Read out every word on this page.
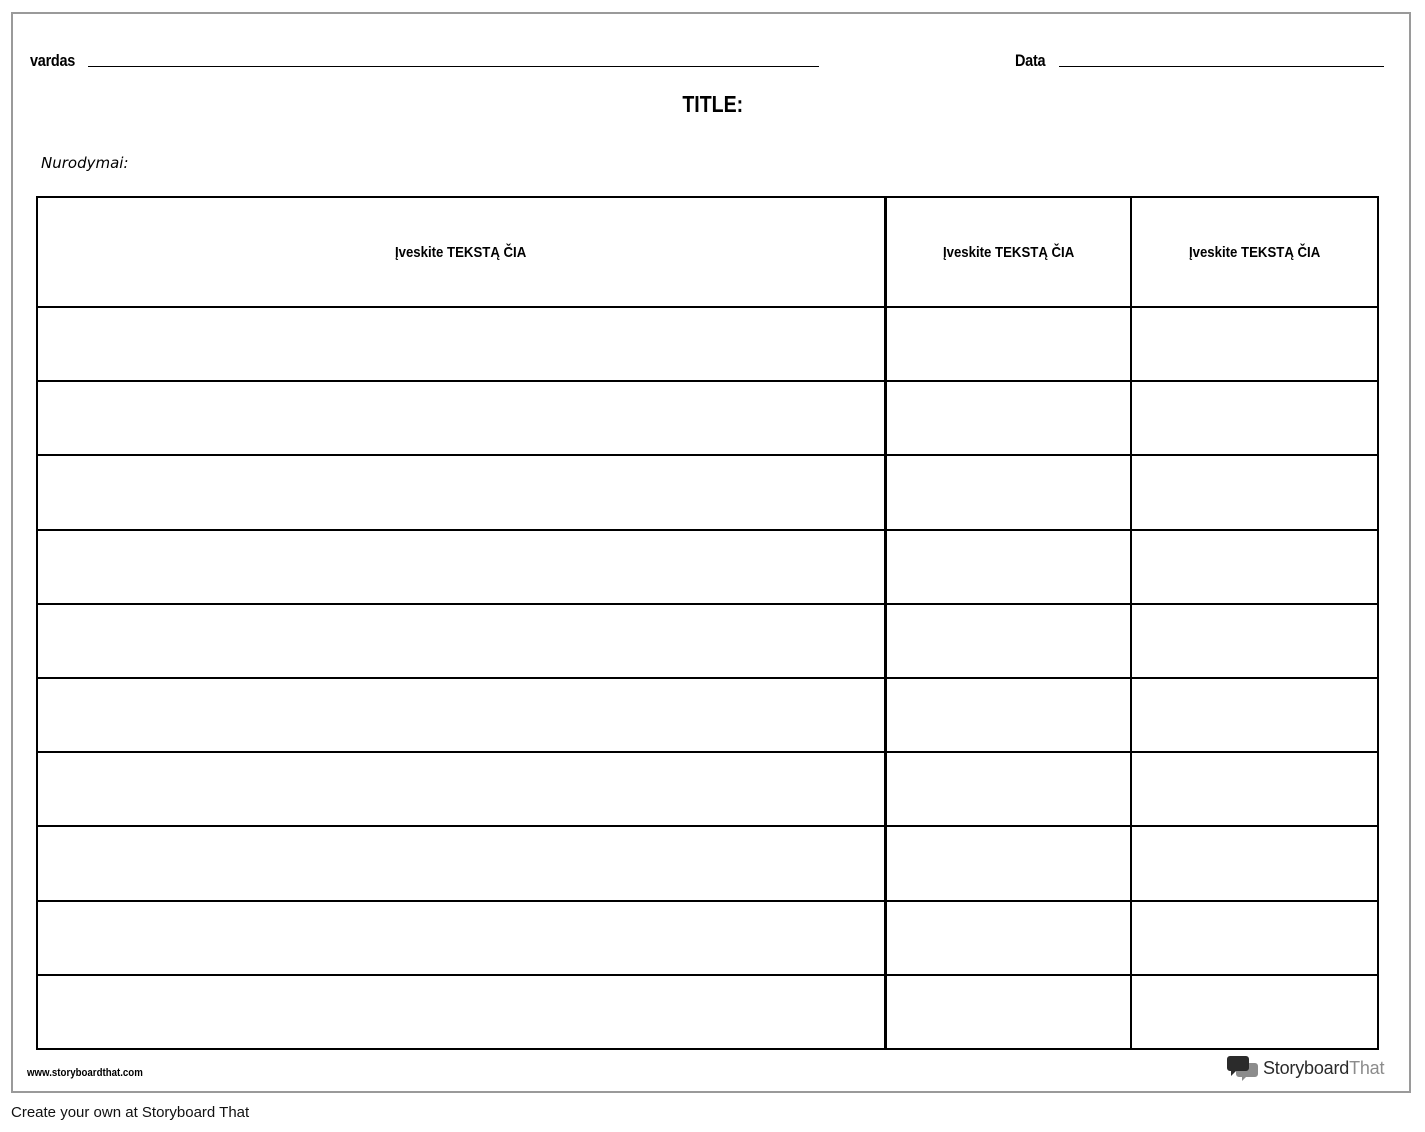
vardas	Data
TITLE:
Nurodymai:
Įveskite TEKSTĄ ČIA	Įveskite TEKSTĄ ČIA	Įveskite TEKSTĄ ČIA

www.storyboardthat.com	StoryboardThat
Create your own at Storyboard That
